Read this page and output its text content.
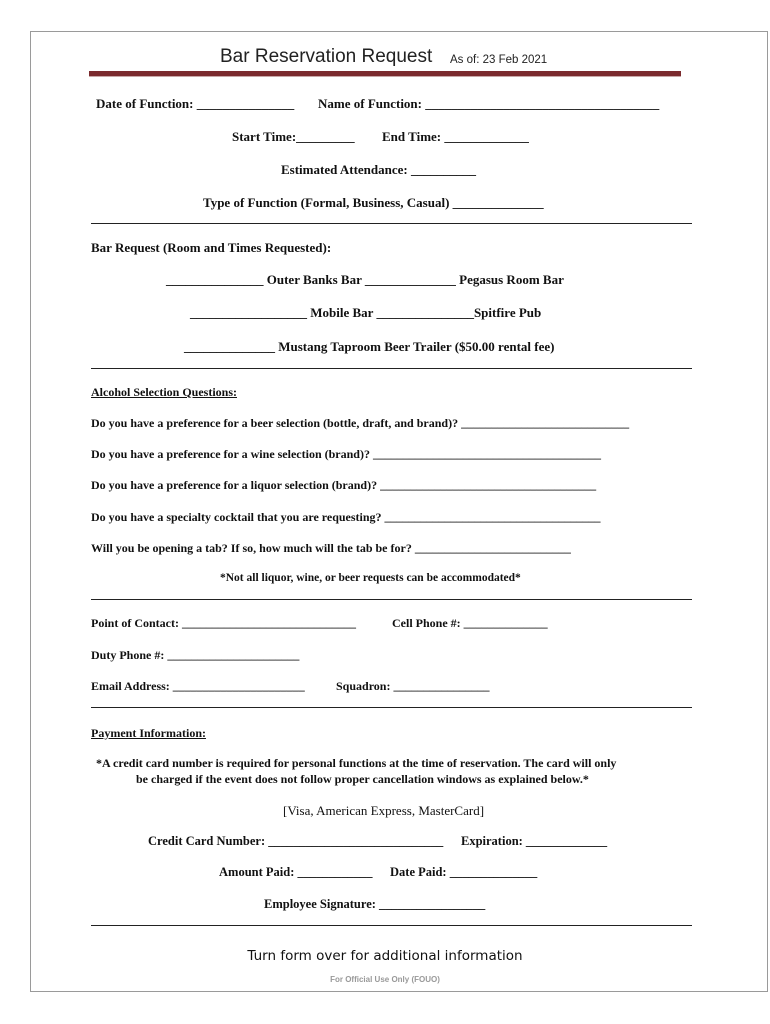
Bar Reservation Request As of: 23 Feb 2021
Date of Function: _______________ Name of Function: ____________________________________
Start Time:_________ End Time: _____________
Estimated Attendance: __________
Type of Function (Formal, Business, Casual) ______________
Bar Request (Room and Times Requested):
_______________ Outer Banks Bar ______________ Pegasus Room Bar
__________________ Mobile Bar _______________Spitfire Pub
______________ Mustang Taproom Beer Trailer ($50.00 rental fee)
Alcohol Selection Questions:
Do you have a preference for a beer selection (bottle, draft, and brand)? ____________________________
Do you have a preference for a wine selection (brand)? ______________________________________
Do you have a preference for a liquor selection (brand)? ____________________________________
Do you have a specialty cocktail that you are requesting? ____________________________________
Will you be opening a tab? If so, how much will the tab be for? __________________________
*Not all liquor, wine, or beer requests can be accommodated*
Point of Contact: _____________________________	Cell Phone #: ______________
Duty Phone #: ______________________
Email Address: ______________________	Squadron: ________________
Payment Information:
*A credit card number is required for personal functions at the time of reservation. The card will only
be charged if the event does not follow proper cancellation windows as explained below.*
[Visa, American Express, MasterCard]
Credit Card Number: ____________________________ Expiration: _____________
Amount Paid: ____________ Date Paid: ______________
Employee Signature: _________________
Turn form over for additional information
For Official Use Only (FOUO)
